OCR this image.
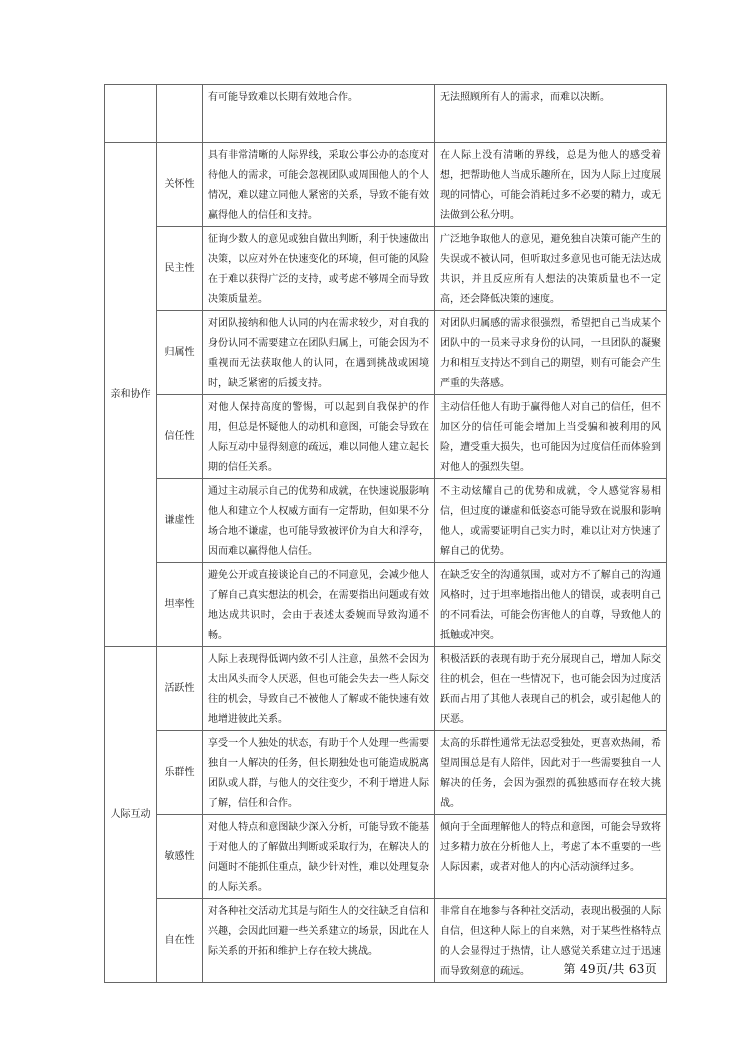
		有可能导致难以长期有效地合作。	无法照顾所有人的需求，而难以决断。
亲和协作	关怀性	具有非常清晰的人际界线，采取公事公办的态度对待他人的需求，可能会忽视团队或周围他人的个人情况，难以建立同他人紧密的关系，导致不能有效赢得他人的信任和支持。	在人际上没有清晰的界线，总是为他人的感受着想，把帮助他人当成乐趣所在，因为人际上过度展现的同情心，可能会消耗过多不必要的精力，或无法做到公私分明。
	民主性	征询少数人的意见或独自做出判断，利于快速做出决策，以应对外在快速变化的环境，但可能的风险在于难以获得广泛的支持，或考虑不够周全而导致决策质量差。	广泛地争取他人的意见，避免独自决策可能产生的失误或不被认同，但听取过多意见也可能无法达成共识，并且反应所有人想法的决策质量也不一定高，还会降低决策的速度。
	归属性	对团队接纳和他人认同的内在需求较少，对自我的身份认同不需要建立在团队归属上，可能会因为不重视而无法获取他人的认同，在遇到挑战或困境时，缺乏紧密的后援支持。	对团队归属感的需求很强烈，希望把自己当成某个团队中的一员来寻求身份的认同，一旦团队的凝聚力和相互支持达不到自己的期望，则有可能会产生严重的失落感。
	信任性	对他人保持高度的警惕，可以起到自我保护的作用，但总是怀疑他人的动机和意图，可能会导致在人际互动中显得刻意的疏远，难以同他人建立起长期的信任关系。	主动信任他人有助于赢得他人对自己的信任，但不加区分的信任可能会增加上当受骗和被利用的风险，遭受重大损失，也可能因为过度信任而体验到对他人的强烈失望。
	谦虚性	通过主动展示自己的优势和成就，在快速说服影响他人和建立个人权威方面有一定帮助，但如果不分场合地不谦虚，也可能导致被评价为自大和浮夸，因而难以赢得他人信任。	不主动炫耀自己的优势和成就，令人感觉容易相信，但过度的谦虚和低姿态可能导致在说服和影响他人，或需要证明自己实力时，难以让对方快速了解自己的优势。
	坦率性	避免公开或直接谈论自己的不同意见，会减少他人了解自己真实想法的机会，在需要指出问题或有效地达成共识时，会由于表述太委婉而导致沟通不畅。	在缺乏安全的沟通氛围，或对方不了解自己的沟通风格时，过于坦率地指出他人的错误，或表明自己的不同看法，可能会伤害他人的自尊，导致他人的抵触或冲突。
人际互动	活跃性	人际上表现得低调内敛不引人注意，虽然不会因为太出风头而令人厌恶，但也可能会失去一些人际交往的机会，导致自己不被他人了解或不能快速有效地增进彼此关系。	积极活跃的表现有助于充分展现自己，增加人际交往的机会，但在一些情况下，也可能会因为过度活跃而占用了其他人表现自己的机会，或引起他人的厌恶。
	乐群性	享受一个人独处的状态，有助于个人处理一些需要独自一人解决的任务，但长期独处也可能造成脱离团队或人群，与他人的交往变少，不利于增进人际了解，信任和合作。	太高的乐群性通常无法忍受独处，更喜欢热闹，希望周围总是有人陪伴，因此对于一些需要独自一人解决的任务，会因为强烈的孤独感而存在较大挑战。
	敏感性	对他人特点和意图缺少深入分析，可能导致不能基于对他人的了解做出判断或采取行为，在解决人的问题时不能抓住重点，缺少针对性，难以处理复杂的人际关系。	倾向于全面理解他人的特点和意图，可能会导致将过多精力放在分析他人上，考虑了本不重要的一些人际因素，或者对他人的内心活动演绎过多。
	自在性	对各种社交活动尤其是与陌生人的交往缺乏自信和兴趣，会因此回避一些关系建立的场景，因此在人际关系的开拓和维护上存在较大挑战。	非常自在地参与各种社交活动，表现出极强的人际自信，但这种人际上的自来熟，对于某些性格特点的人会显得过于热情，让人感觉关系建立过于迅速而导致刻意的疏远。	第 49页/共 63页
